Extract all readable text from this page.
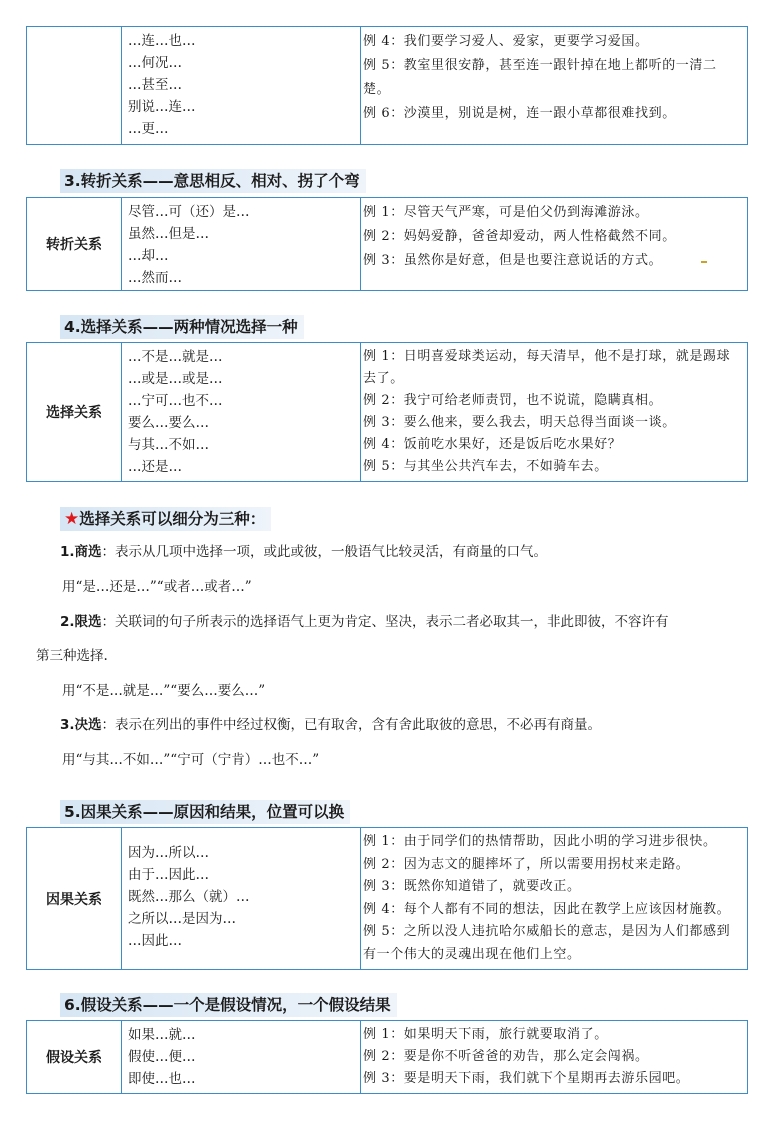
…连…也…
…何况…
…甚至…
别说…连…
…更…
例 4：我们要学习爱人、爱家，更要学习爱国。
例 5：教室里很安静，甚至连一跟针掉在地上都听的一清二楚。
例 6：沙漠里，别说是树，连一跟小草都很难找到。
3.转折关系——意思相反、相对、拐了个弯
转折关系
尽管…可（还）是…
虽然…但是…
…却…
…然而…
例 1：尽管天气严寒，可是伯父仍到海滩游泳。
例 2：妈妈爱静，爸爸却爱动，两人性格截然不同。
例 3：虽然你是好意，但是也要注意说话的方式。
4.选择关系——两种情况选择一种
选择关系
…不是…就是…
…或是…或是…
…宁可…也不…
要么…要么…
与其…不如…
…还是…
例 1：日明喜爱球类运动，每天清早，他不是打球，就是踢球去了。
例 2：我宁可给老师责罚，也不说谎，隐瞒真相。
例 3：要么他来，要么我去，明天总得当面谈一谈。
例 4：饭前吃水果好，还是饭后吃水果好？
例 5：与其坐公共汽车去，不如骑车去。
★选择关系可以细分为三种：
1.商选：表示从几项中选择一项，或此或彼，一般语气比较灵活，有商量的口气。
用“是…还是…”“或者…或者…”
2.限选：关联词的句子所表示的选择语气上更为肯定、坚决，表示二者必取其一，非此即彼，不容许有
第三种选择.
用“不是…就是…”“要么…要么…”
3.决选：表示在列出的事件中经过权衡，已有取舍，含有舍此取彼的意思，不必再有商量。
用“与其…不如…”“宁可（宁肯）…也不…”
5.因果关系——原因和结果，位置可以换
因果关系
因为…所以…
由于…因此…
既然…那么（就）…
之所以…是因为…
…因此…
例 1：由于同学们的热情帮助，因此小明的学习进步很快。
例 2：因为志文的腿摔坏了，所以需要用拐杖来走路。
例 3：既然你知道错了，就要改正。
例 4：每个人都有不同的想法，因此在教学上应该因材施教。
例 5：之所以没人违抗哈尔威船长的意志，是因为人们都感到有一个伟大的灵魂出现在他们上空。
6.假设关系——一个是假设情况，一个假设结果
假设关系
如果…就…
假使…便…
即使…也…
例 1：如果明天下雨，旅行就要取消了。
例 2：要是你不听爸爸的劝告，那么定会闯祸。
例 3：要是明天下雨，我们就下个星期再去游乐园吧。
